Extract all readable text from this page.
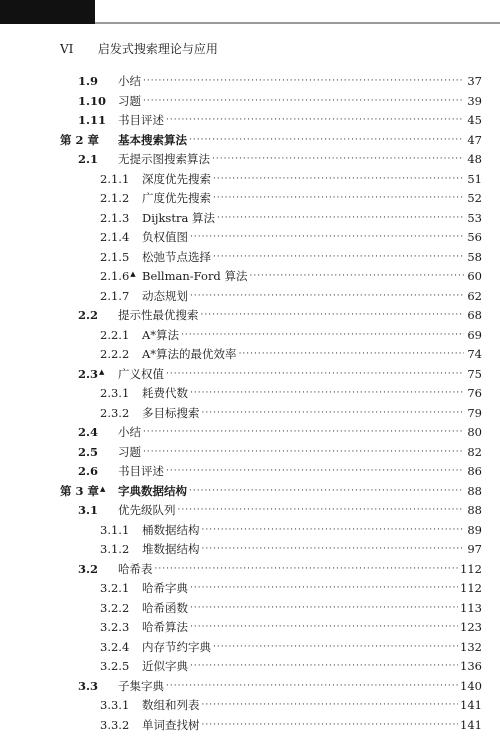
VI 启发式搜索理论与应用
1.9	小结 ·····	37
1.10	习题 ·····	39
1.11	书目评述 ·····	45
第 2 章	基本搜索算法 ·····	47
2.1	无提示图搜索算法 ·····	48
2.1.1	深度优先搜索 ·····	51
2.1.2	广度优先搜索 ·····	52
2.1.3	Dijkstra 算法 ·····	53
2.1.4	负权值图 ·····	56
2.1.5	松弛节点选择 ·····	58
2.1.6▲ Bellman-Ford 算法 ·····	60
2.1.7	动态规划 ·····	62
2.2	提示性最优搜索 ·····	68
2.2.1	A*算法 ·····	69
2.2.2	A*算法的最优效率 ·····	74
2.3▲	广义权值 ·····	75
2.3.1	耗费代数 ·····	76
2.3.2	多目标搜索 ·····	79
2.4	小结 ·····	80
2.5	习题 ·····	82
2.6	书目评述 ·····	86
第 3 章▲	字典数据结构 ·····	88
3.1	优先级队列 ·····	88
3.1.1	桶数据结构 ·····	89
3.1.2	堆数据结构 ·····	97
3.2	哈希表 ·····	112
3.2.1	哈希字典 ·····	112
3.2.2	哈希函数 ·····	113
3.2.3	哈希算法 ·····	123
3.2.4	内存节约字典 ·····	132
3.2.5	近似字典 ·····	136
3.3	子集字典 ·····	140
3.3.1	数组和列表 ·····	141
3.3.2	单词查找树 ·····	141
